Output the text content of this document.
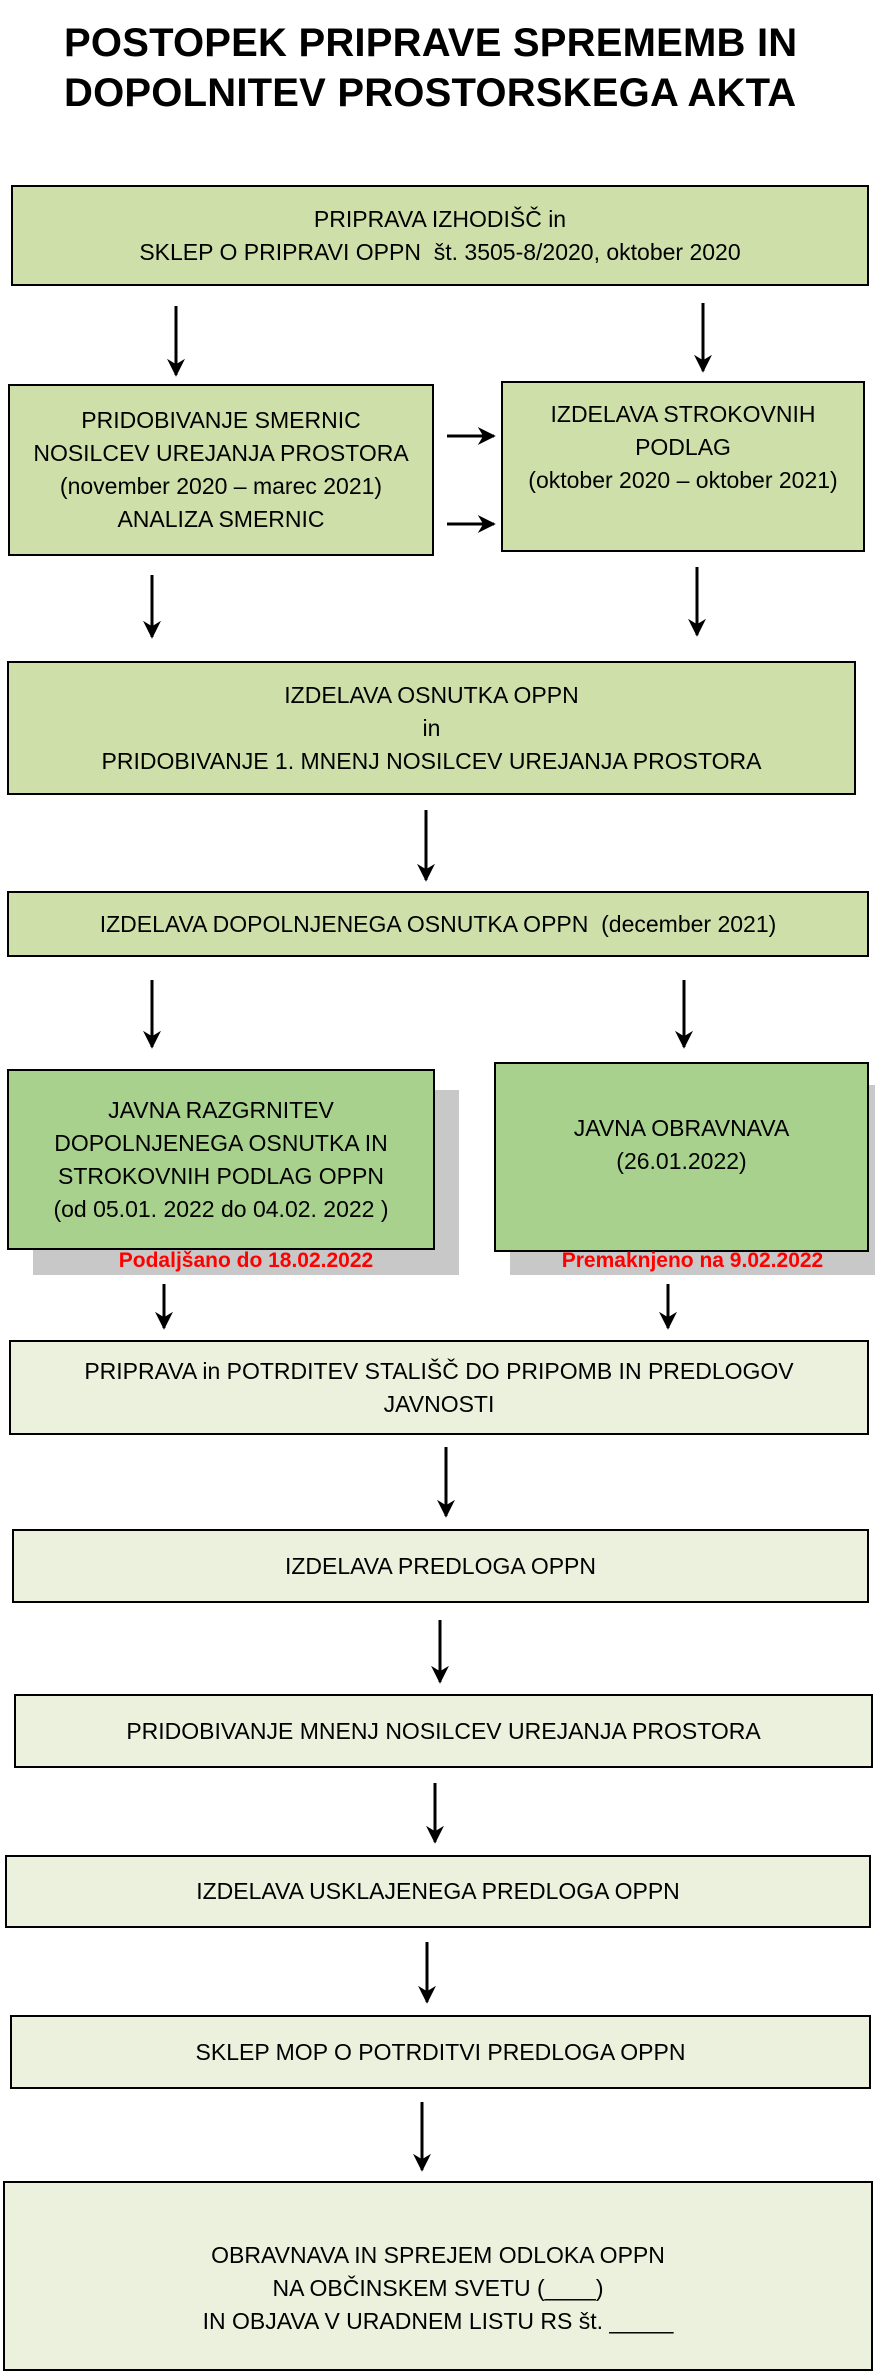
POSTOPEK PRIPRAVE SPREMEMB IN
DOPOLNITEV PROSTORSKEGA AKTA
PRIPRAVA IZHODIŠČ in
SKLEP O PRIPRAVI OPPN  št. 3505-8/2020, oktober 2020
PRIDOBIVANJE SMERNIC
NOSILCEV UREJANJA PROSTORA
(november 2020 – marec 2021)
ANALIZA SMERNIC
IZDELAVA STROKOVNIH
PODLAG
(oktober 2020 – oktober 2021)
IZDELAVA OSNUTKA OPPN
in
PRIDOBIVANJE 1. MNENJ NOSILCEV UREJANJA PROSTORA
IZDELAVA DOPOLNJENEGA OSNUTKA OPPN  (december 2021)
JAVNA RAZGRNITEV
DOPOLNJENEGA OSNUTKA IN
STROKOVNIH PODLAG OPPN
(od 05.01. 2022 do 04.02. 2022 )
JAVNA OBRAVNAVA
(26.01.2022)
Podaljšano do 18.02.2022	Premaknjeno na 9.02.2022
PRIPRAVA in POTRDITEV STALIŠČ DO PRIPOMB IN PREDLOGOV
JAVNOSTI
IZDELAVA PREDLOGA OPPN
PRIDOBIVANJE MNENJ NOSILCEV UREJANJA PROSTORA
IZDELAVA USKLAJENEGA PREDLOGA OPPN
SKLEP MOP O POTRDITVI PREDLOGA OPPN
OBRAVNAVA IN SPREJEM ODLOKA OPPN
NA OBČINSKEM SVETU (____)
IN OBJAVA V URADNEM LISTU RS št. _____
